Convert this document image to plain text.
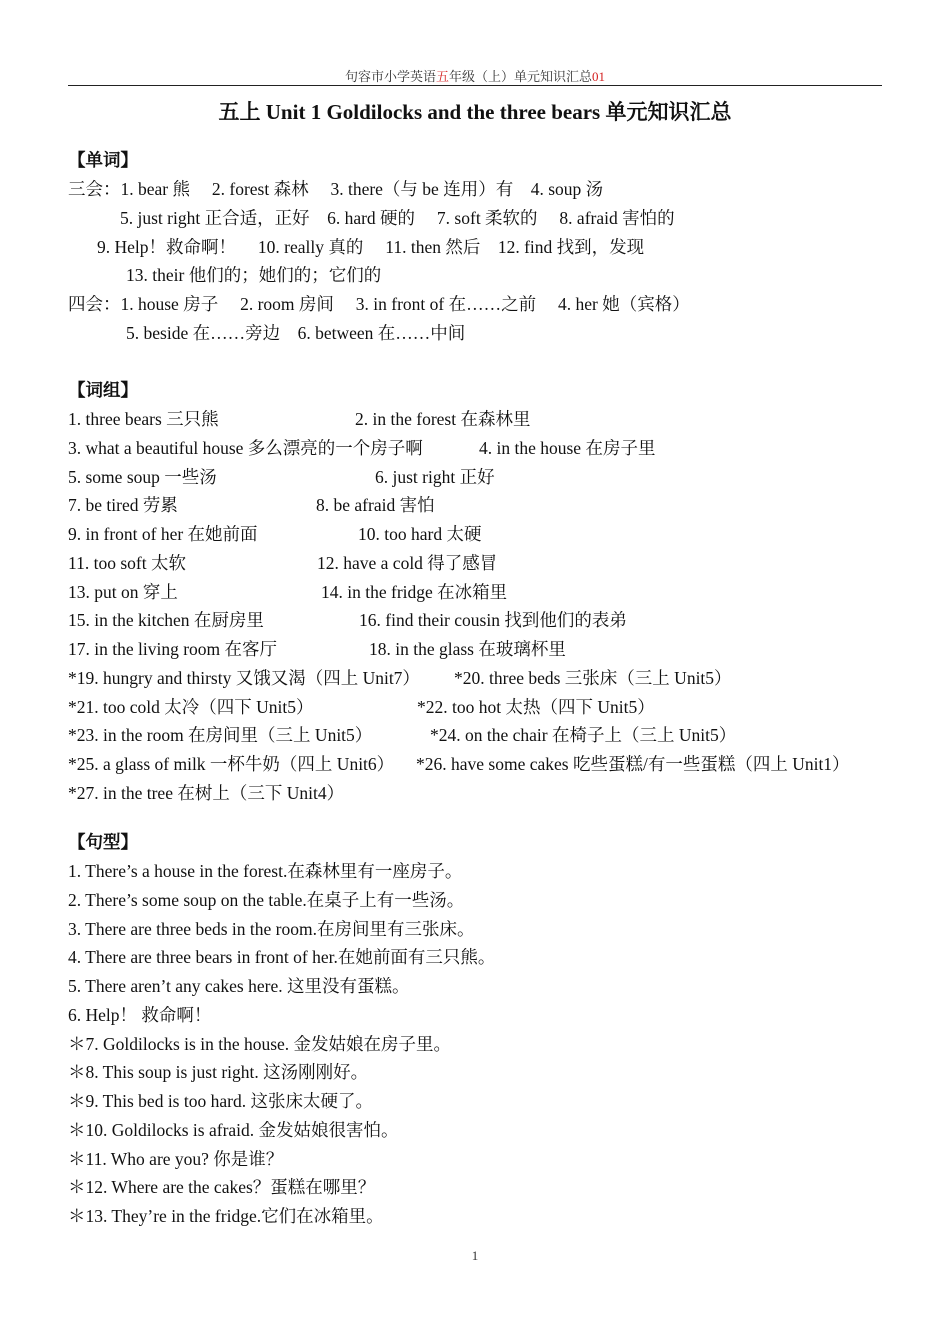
句容市小学英语五年级（上）单元知识汇总01
五上 Unit 1 Goldilocks and the three bears 单元知识汇总
【单词】
三会：1. bear 熊　 2. forest 森林　 3. there（与 be 连用）有　4. soup 汤
5. just right 正合适，正好　6. hard 硬的　 7. soft 柔软的　 8. afraid 害怕的
9. Help！救命啊！　 10. really 真的　 11. then 然后　12. find 找到，发现
13. their 他们的；她们的；它们的
四会：1. house 房子　 2. room 房间　 3. in front of 在……之前　 4. her 她（宾格）
5. beside 在……旁边　6. between 在……中间
【词组】
1. three bears 三只熊	2. in the forest 在森林里
3. what a beautiful house 多么漂亮的一个房子啊	4. in the house 在房子里
5. some soup 一些汤	6. just right 正好
7. be tired 劳累	8. be afraid 害怕
9. in front of her 在她前面	10. too hard 太硬
11. too soft 太软	12. have a cold 得了感冒
13. put on 穿上	14. in the fridge 在冰箱里
15. in the kitchen 在厨房里	16. find their cousin 找到他们的表弟
17. in the living room 在客厅	18. in the glass 在玻璃杯里
*19. hungry and thirsty 又饿又渴（四上 Unit7） *20. three beds 三张床（三上 Unit5）
*21. too cold 太冷（四下 Unit5）	*22. too hot 太热（四下 Unit5）
*23. in the room 在房间里（三上 Unit5）	*24. on the chair 在椅子上（三上 Unit5）
*25. a glass of milk 一杯牛奶（四上 Unit6） *26. have some cakes 吃些蛋糕/有一些蛋糕（四上 Unit1）
*27. in the tree 在树上（三下 Unit4）
【句型】
1. There’s a house in the forest.在森林里有一座房子。
2. There’s some soup on the table.在桌子上有一些汤。
3. There are three beds in the room.在房间里有三张床。
4. There are three bears in front of her.在她前面有三只熊。
5. There aren’t any cakes here. 这里没有蛋糕。
6. Help！ 救命啊！
＊7. Goldilocks is in the house. 金发姑娘在房子里。
＊8. This soup is just right. 这汤刚刚好。
＊9. This bed is too hard. 这张床太硬了。
＊10. Goldilocks is afraid. 金发姑娘很害怕。
＊11. Who are you? 你是谁？
＊12. Where are the cakes？蛋糕在哪里？
＊13. They’re in the fridge.它们在冰箱里。
1
